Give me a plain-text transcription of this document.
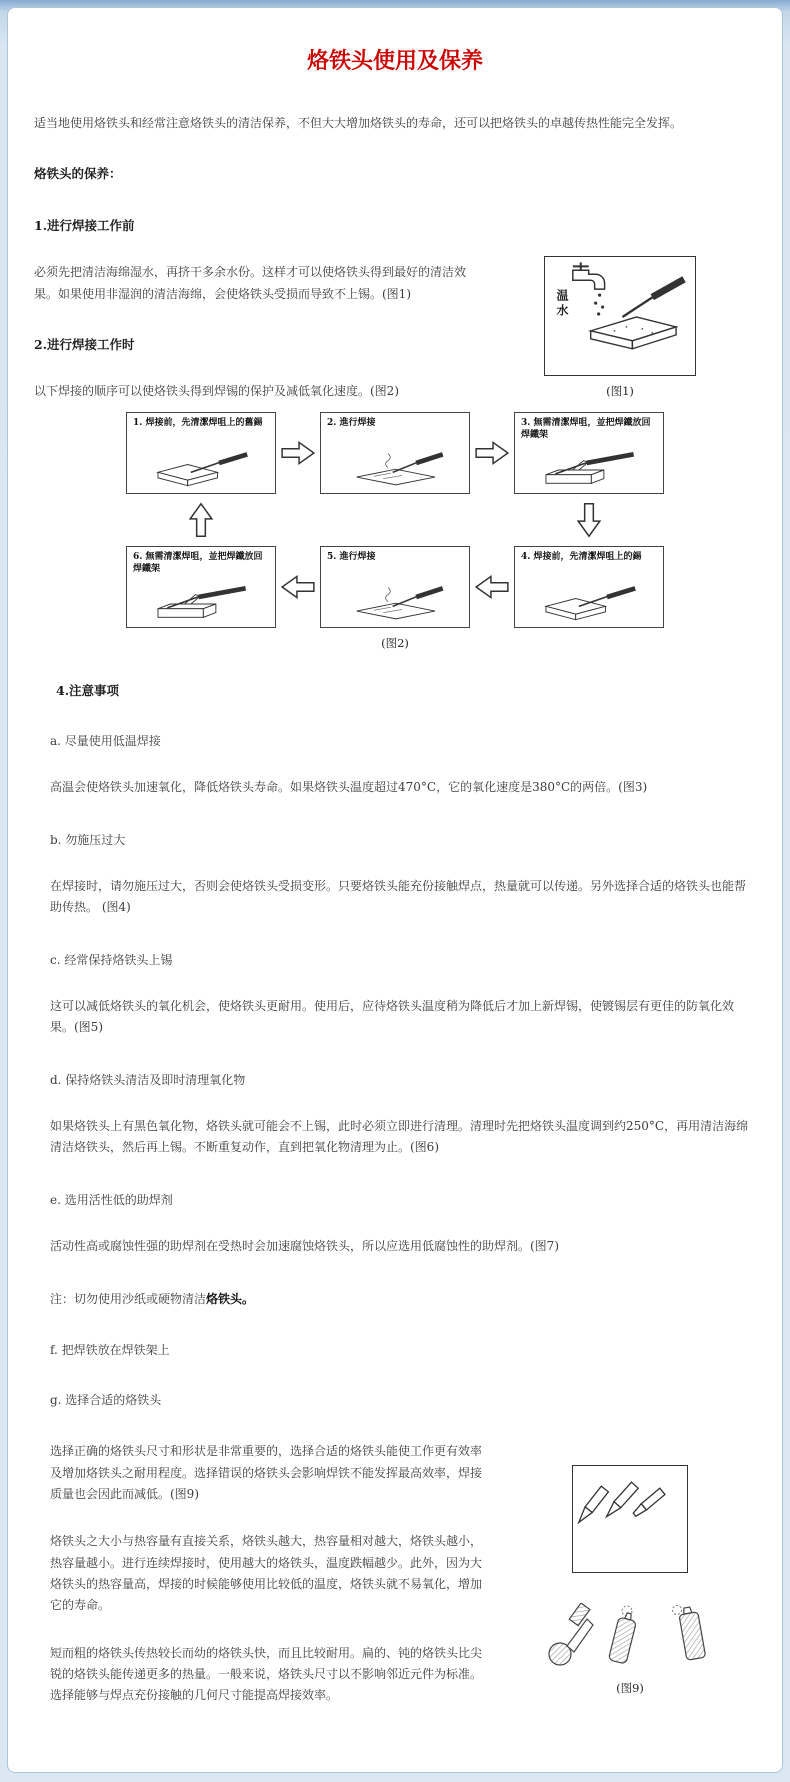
烙铁头使用及保养

适当地使用烙铁头和经常注意烙铁头的清洁保养，不但大大增加烙铁头的寿命，还可以把烙铁头的卓越传热性能完全发挥。

烙铁头的保养：
1.进行焊接工作前

必须先把清洁海绵湿水，再挤干多余水份。这样才可以使烙铁头得到最好的清洁效果。如果使用非湿润的清洁海绵，会使烙铁头受损而导致不上锡。(图1)

2.进行焊接工作时

以下焊接的顺序可以使烙铁头得到焊锡的保护及减低氧化速度。(图2)

温水
(图1)
1. 焊接前，先清潔焊咀上的舊錫	2. 進行焊接	3. 無需清潔焊咀，並把焊鐵放回焊鐵架
6. 無需清潔焊咀，並把焊鐵放回焊鐵架
5. 進行焊接	4. 焊接前，先清潔焊咀上的錫
(图2)
4.注意事项

a. 尽量使用低温焊接

高温会使烙铁头加速氧化，降低烙铁头寿命。如果烙铁头温度超过470°C，它的氧化速度是380°C的两倍。(图3)

b. 勿施压过大

在焊接时，请勿施压过大，否则会使烙铁头受损变形。只要烙铁头能充份接触焊点，热量就可以传递。另外选择合适的烙铁头也能帮助传热。 (图4)

c. 经常保持烙铁头上锡

这可以减低烙铁头的氧化机会，使烙铁头更耐用。使用后，应待烙铁头温度稍为降低后才加上新焊锡，使镀锡层有更佳的防氧化效果。(图5)

d. 保持烙铁头清洁及即时清理氧化物

如果烙铁头上有黑色氧化物，烙铁头就可能会不上锡，此时必须立即进行清理。清理时先把烙铁头温度调到约250°C，再用清洁海绵清洁烙铁头，然后再上锡。不断重复动作，直到把氧化物清理为止。(图6)

e. 选用活性低的助焊剂

活动性高或腐蚀性强的助焊剂在受热时会加速腐蚀烙铁头，所以应选用低腐蚀性的助焊剂。(图7)

注：切勿使用沙纸或硬物清洁烙铁头。

f. 把焊铁放在焊铁架上

g. 选择合适的烙铁头

选择正确的烙铁头尺寸和形状是非常重要的，选择合适的烙铁头能使工作更有效率及增加烙铁头之耐用程度。选择错误的烙铁头会影响焊铁不能发挥最高效率，焊接质量也会因此而减低。(图9)

烙铁头之大小与热容量有直接关系，烙铁头越大，热容量相对越大，烙铁头越小，热容量越小。进行连续焊接时，使用越大的烙铁头，温度跌幅越少。此外，因为大烙铁头的热容量高，焊接的时候能够使用比较低的温度，烙铁头就不易氧化，增加它的寿命。

短而粗的烙铁头传热较长而幼的烙铁头快，而且比较耐用。扁的、钝的烙铁头比尖锐的烙铁头能传递更多的热量。一般来说，烙铁头尺寸以不影响邻近元件为标准。选择能够与焊点充份接触的几何尺寸能提高焊接效率。

(图9)
